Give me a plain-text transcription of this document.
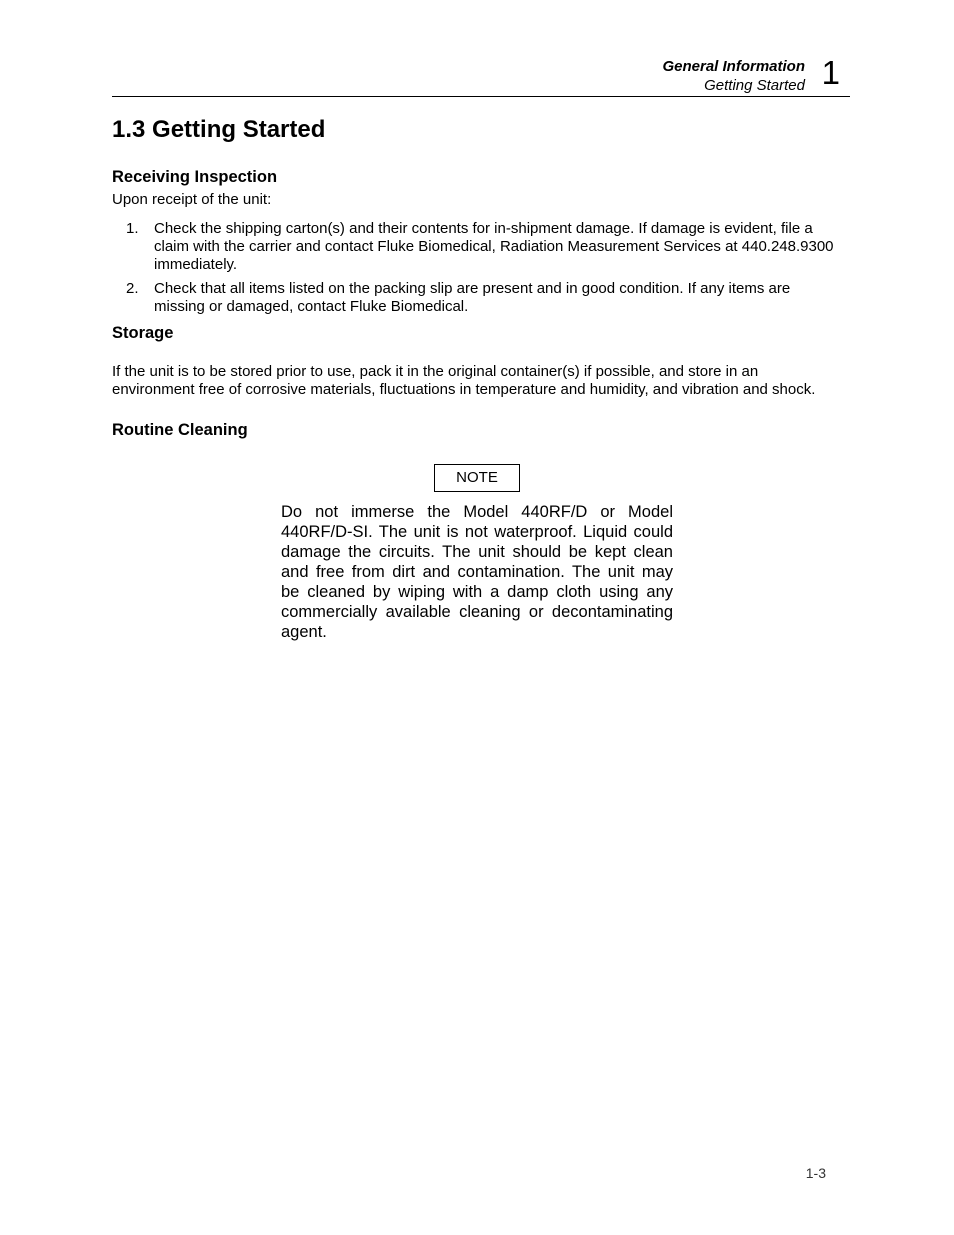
General Information
Getting Started 1
1.3 Getting Started
Receiving Inspection

Upon receipt of the unit:

1. Check the shipping carton(s) and their contents for in-shipment damage. If damage is evident, file a claim with the carrier and contact Fluke Biomedical, Radiation Measurement Services at 440.248.9300 immediately.
2. Check that all items listed on the packing slip are present and in good condition. If any items are missing or damaged, contact Fluke Biomedical.
Storage

If the unit is to be stored prior to use, pack it in the original container(s) if possible, and store in an environment free of corrosive materials, fluctuations in temperature and humidity, and vibration and shock.

Routine Cleaning
NOTE
Do not immerse the Model 440RF/D or Model 440RF/D-SI. The unit is not waterproof. Liquid could damage the circuits. The unit should be kept clean and free from dirt and contamination. The unit may be cleaned by wiping with a damp cloth using any commercially available cleaning or decontaminating agent.
1-3
